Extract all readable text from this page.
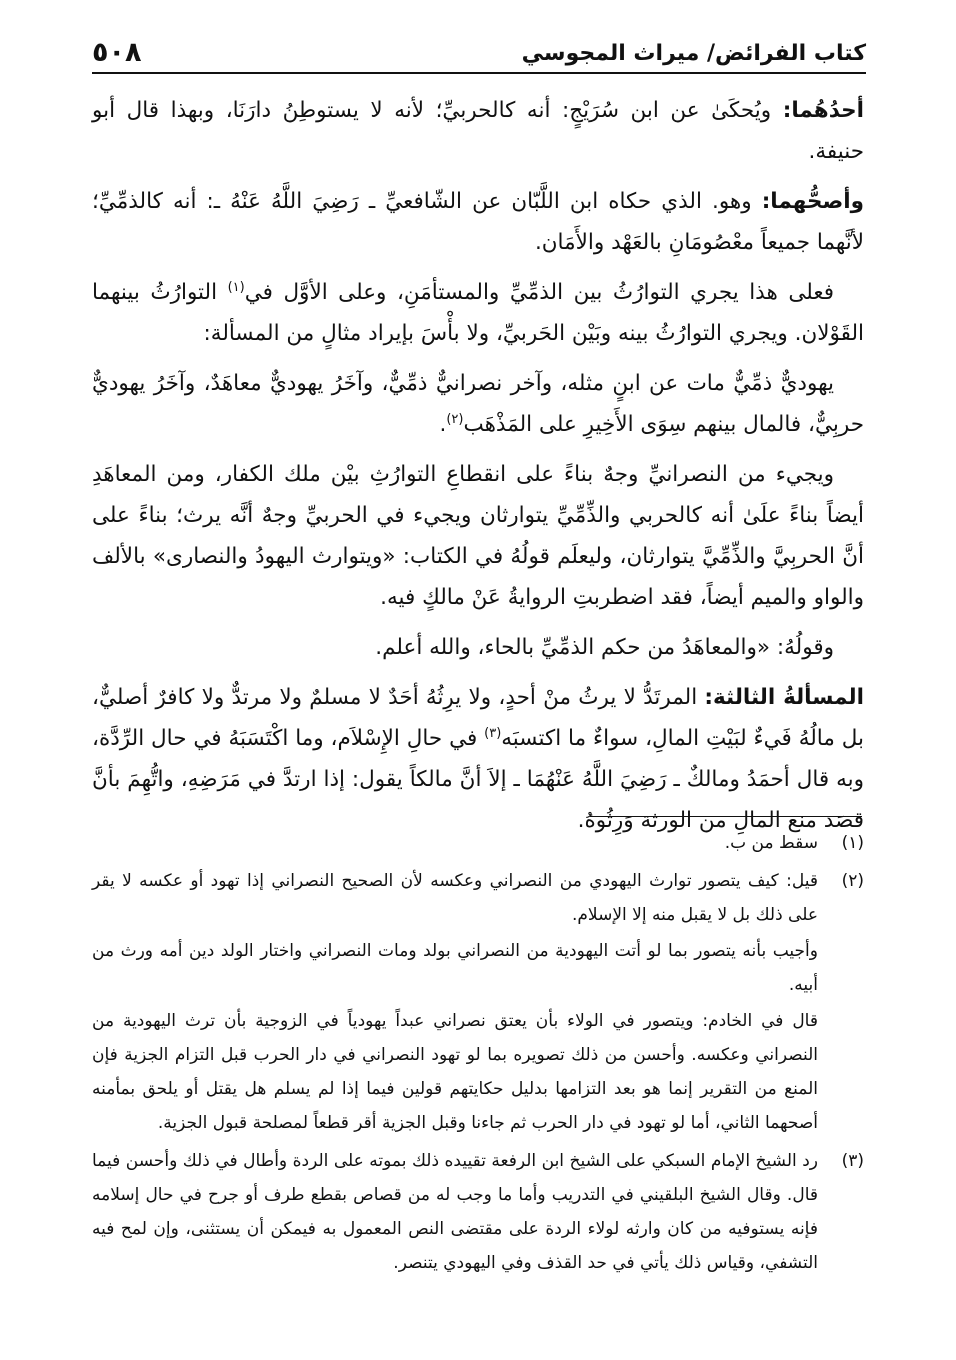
كتاب الفرائض/ ميراث المجوسي
٥٠٨

أحدُهُما: ويُحكَىٰ عن ابن سُرَيْجٍ: أنه كالحربيِّ؛ لأنه لا يستوطِنُ دارَنَا، وبهذا قال أبو حنيفة.

وأصحُّهما: وهو. الذي حكاه ابن اللَّبّان عن الشّافعيِّ ـ رَضِيَ اللَّهُ عَنْهُ ـ: أنه كالذمِّيِّ؛ لأنَّهما جميعاً معْصُومَانِ بالعَهْد والأَمَان.

فعلى هذا يجري التوارُثُ بين الذمِّيِّ والمستأمَنِ، وعلى الأوَّل في$^{(١)}$ التوارُثُ بينهما القَوْلان. ويجري التوارُثُ بينه وبَيْن الحَربيِّ، ولا بأْسَ بإيراد مثالٍ من المسألة:

يهوديٌّ ذمِّيٌّ مات عن ابنٍ مثله، وآخر نصرانيٌّ ذمِّيٌّ، وآخَرُ يهوديٌّ معاهَدٌ، وآخَرُ يهوديٌّ حربِيٌّ، فالمال بينهم سِوَى الأَخِيرِ على المَذْهَب$^{(٢)}$.

ويجيء من النصرانيِّ وجهٌ بناءً على انقطاعِ التوارُثِ بيْن ملك الكفار، ومن المعاهَدِ أيضاً بناءً علَىٰ أنه كالحربي والذِّمِّيِّ يتوارثان ويجيء في الحربيِّ وجهٌ أنَّه يرث؛ بناءً على أنَّ الحربِيَّ والذِّمِّيَّ يتوارثان، وليعلَم قولُهُ في الكتاب: «ويتوارث اليهودُ والنصارى» بالألف والواو والميم أيضاً، فقد اضطربتِ الروايةُ عَنْ مالكٍ فيه.

وقولُهُ: «والمعاهَدُ من حكم الذمِّيِّ بالحاء، والله أعلم.

المسألةُ الثالثة: المرتَدُّ لا يرثُ منْ أحدٍ، ولا يرِثُهُ أحَدٌ لا مسلمٌ ولا مرتدٌّ ولا كافرٌ أصليٌّ، بل مالُهُ فَيءٌ لبَيْتِ المالِ، سواءٌ ما اكتسبَه$^{(٣)}$ في حالِ الإِسْلاَم، وما اكْتَسَبَهُ في حال الرِّدَّة، وبه قال أحمَدُ ومالكٌ ـ رَضِيَ اللَّهُ عَنْهُمَا ـ إلاَ أنَّ مالكاً يقول: إذا ارتدَّ في مَرَضِهِ، واتُّهِمَ بأنَّ قصَد منع المالِ من الورثة وَرِثُوهُ.

(١)

سقط من ب.

(٢)

قيل: كيف يتصور توارث اليهودي من النصراني وعكسه لأن الصحيح النصراني إذا تهود أو عكسه لا يقر على ذلك بل لا يقبل منه إلا الإسلام.

وأجيب بأنه يتصور بما لو أتت اليهودية من النصراني بولد ومات النصراني واختار الولد دين أمه ورث من أبيه.

قال في الخادم: ويتصور في الولاء بأن يعتق نصراني عبداً يهودياً في الزوجية بأن ترث اليهودية من النصراني وعكسه. وأحسن من ذلك تصويره بما لو تهود النصراني في دار الحرب قبل التزام الجزية فإن المنع من التقرير إنما هو بعد التزامها بدليل حكايتهم قولين فيما إذا لم يسلم هل يقتل أو يلحق بمأمنه أصحهما الثاني، أما لو تهود في دار الحرب ثم جاءنا وقبل الجزية أقر قطعاً لمصلحة قبول الجزية.

(٣)

رد الشيخ الإمام السبكي على الشيخ ابن الرفعة تقييده ذلك بموته على الردة وأطال في ذلك وأحسن فيما قال. وقال الشيخ البلقيني في التدريب وأما ما وجب له من قصاص بقطع طرف أو جرح في حال إسلامه فإنه يستوفيه من كان وارثه لولاء الردة على مقتضى النص المعمول به فيمكن أن يستثنى، وإن لمح فيه التشفي، وقياس ذلك يأتي في حد القذف وفي اليهودي يتنصر.
